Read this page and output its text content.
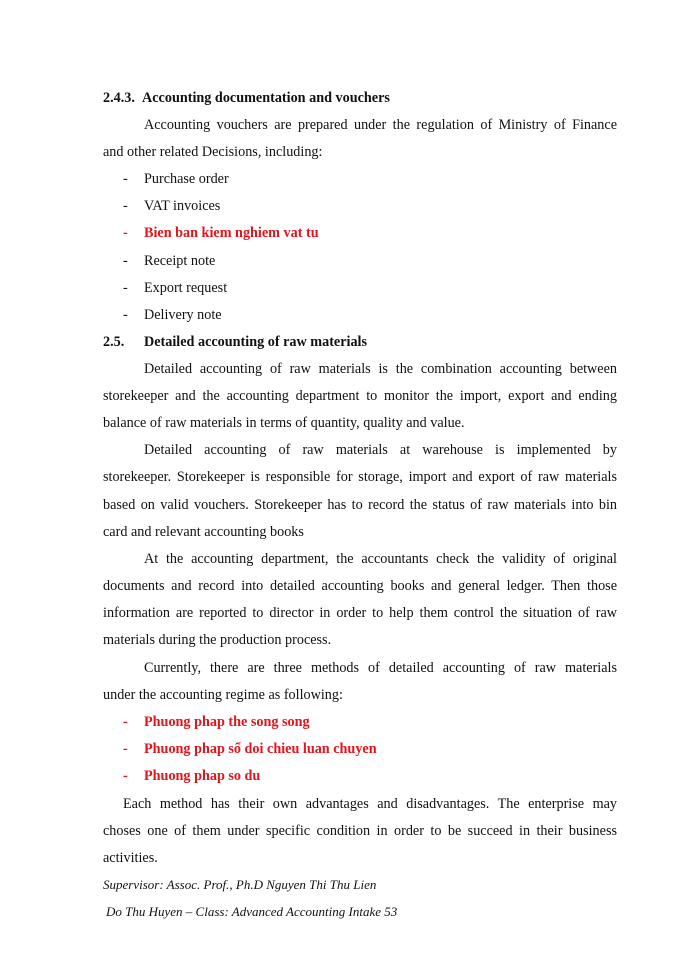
2.4.3. Accounting documentation and vouchers
Accounting vouchers are prepared under the regulation of Ministry of Finance
and other related Decisions, including:
- Purchase order
- VAT invoices
- Bien ban kiem nghiem vat tu
- Receipt note
- Export request
- Delivery note
2.5. Detailed accounting of raw materials
Detailed accounting of raw materials is the combination accounting between
storekeeper and the accounting department to monitor the import, export and ending
balance of raw materials in terms of quantity, quality and value.
Detailed accounting of raw materials at warehouse is implemented by
storekeeper. Storekeeper is responsible for storage, import and export of raw materials
based on valid vouchers. Storekeeper has to record the status of raw materials into bin
card and relevant accounting books
At the accounting department, the accountants check the validity of original
documents and record into detailed accounting books and general ledger. Then those
information are reported to director in order to help them control the situation of raw
materials during the production process.
Currently, there are three methods of detailed accounting of raw materials
under the accounting regime as following:
- Phuong phap the song song
- Phuong phap sổ doi chieu luan chuyen
- Phuong phap so du
Each method has their own advantages and disadvantages. The enterprise may
choses one of them under specific condition in order to be succeed in their business
activities.
Supervisor: Assoc. Prof., Ph.D Nguyen Thi Thu Lien
Do Thu Huyen – Class: Advanced Accounting Intake 53
